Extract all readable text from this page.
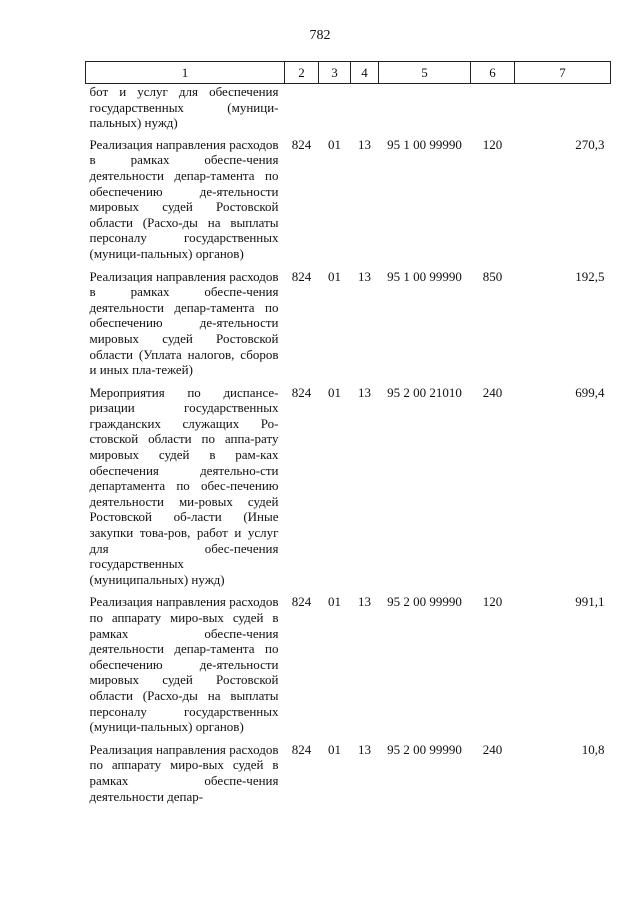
782
1	2	3	4	5	6	7
бот и услуг для обеспечения государственных (муници-пальных) нужд)						
Реализация направления расходов в рамках обеспе-чения деятельности депар-тамента по обеспечению де-ятельности мировых судей Ростовской области (Расхо-ды на выплаты персоналу государственных (муници-пальных) органов)	824	01	13	95 1 00 99990	120	270,3
Реализация направления расходов в рамках обеспе-чения деятельности депар-тамента по обеспечению де-ятельности мировых судей Ростовской области (Уплата налогов, сборов и иных пла-тежей)	824	01	13	95 1 00 99990	850	192,5
Мероприятия по диспансе-ризации государственных гражданских служащих Ро-стовской области по аппа-рату мировых судей в рам-ках обеспечения деятельно-сти департамента по обес-печению деятельности ми-ровых судей Ростовской об-ласти (Иные закупки това-ров, работ и услуг для обес-печения государственных (муниципальных) нужд)	824	01	13	95 2 00 21010	240	699,4
Реализация направления расходов по аппарату миро-вых судей в рамках обеспе-чения деятельности депар-тамента по обеспечению де-ятельности мировых судей Ростовской области (Расхо-ды на выплаты персоналу государственных (муници-пальных) органов)	824	01	13	95 2 00 99990	120	991,1
Реализация направления расходов по аппарату миро-вых судей в рамках обеспе-чения деятельности депар-	824	01	13	95 2 00 99990	240	10,8
